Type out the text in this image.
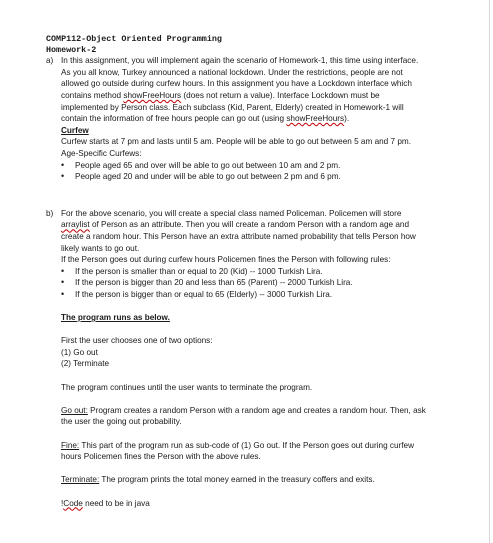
COMP112-Object Oriented Programming
Homework-2
a) In this assignment, you will implement again the scenario of Homework-1, this time using interface. As you all know, Turkey announced a national lockdown. Under the restrictions, people are not allowed go outside during curfew hours. In this assignment you have a Lockdown interface which contains method showFreeHours (does not return a value). Interface Lockdown must be implemented by Person class. Each subclass (Kid, Parent, Elderly) created in Homework-1 will contain the information of free hours people can go out (using showFreeHours).

Curfew

Curfew starts at 7 pm and lasts until 5 am. People will be able to go out between 5 am and 7 pm.

Age-Specific Curfews:

• People aged 65 and over will be able to go out between 10 am and 2 pm.
• People aged 20 and under will be able to go out between 2 pm and 6 pm.
b) For the above scenario, you will create a special class named Policeman. Policemen will store arraylist of Person as an attribute. Then you will create a random Person with a random age and create a random hour. This Person have an extra attribute named probability that tells Person how likely wants to go out.

If the Person goes out during curfew hours Policemen fines the Person with following rules:

• If the person is smaller than or equal to 20 (Kid) -- 1000 Turkish Lira.
• If the person is bigger than 20 and less than 65 (Parent) -- 2000 Turkish Lira.
• If the person is bigger than or equal to 65 (Elderly) -- 3000 Turkish Lira.

The program runs as below.

First the user chooses one of two options:

(1) Go out

(2) Terminate

The program continues until the user wants to terminate the program.

Go out: Program creates a random Person with a random age and creates a random hour. Then, ask the user the going out probability.

Fine: This part of the program run as sub-code of (1) Go out. If the Person goes out during curfew hours Policemen fines the Person with the above rules.

Terminate: The program prints the total money earned in the treasury coffers and exits.

!Code need to be in java
